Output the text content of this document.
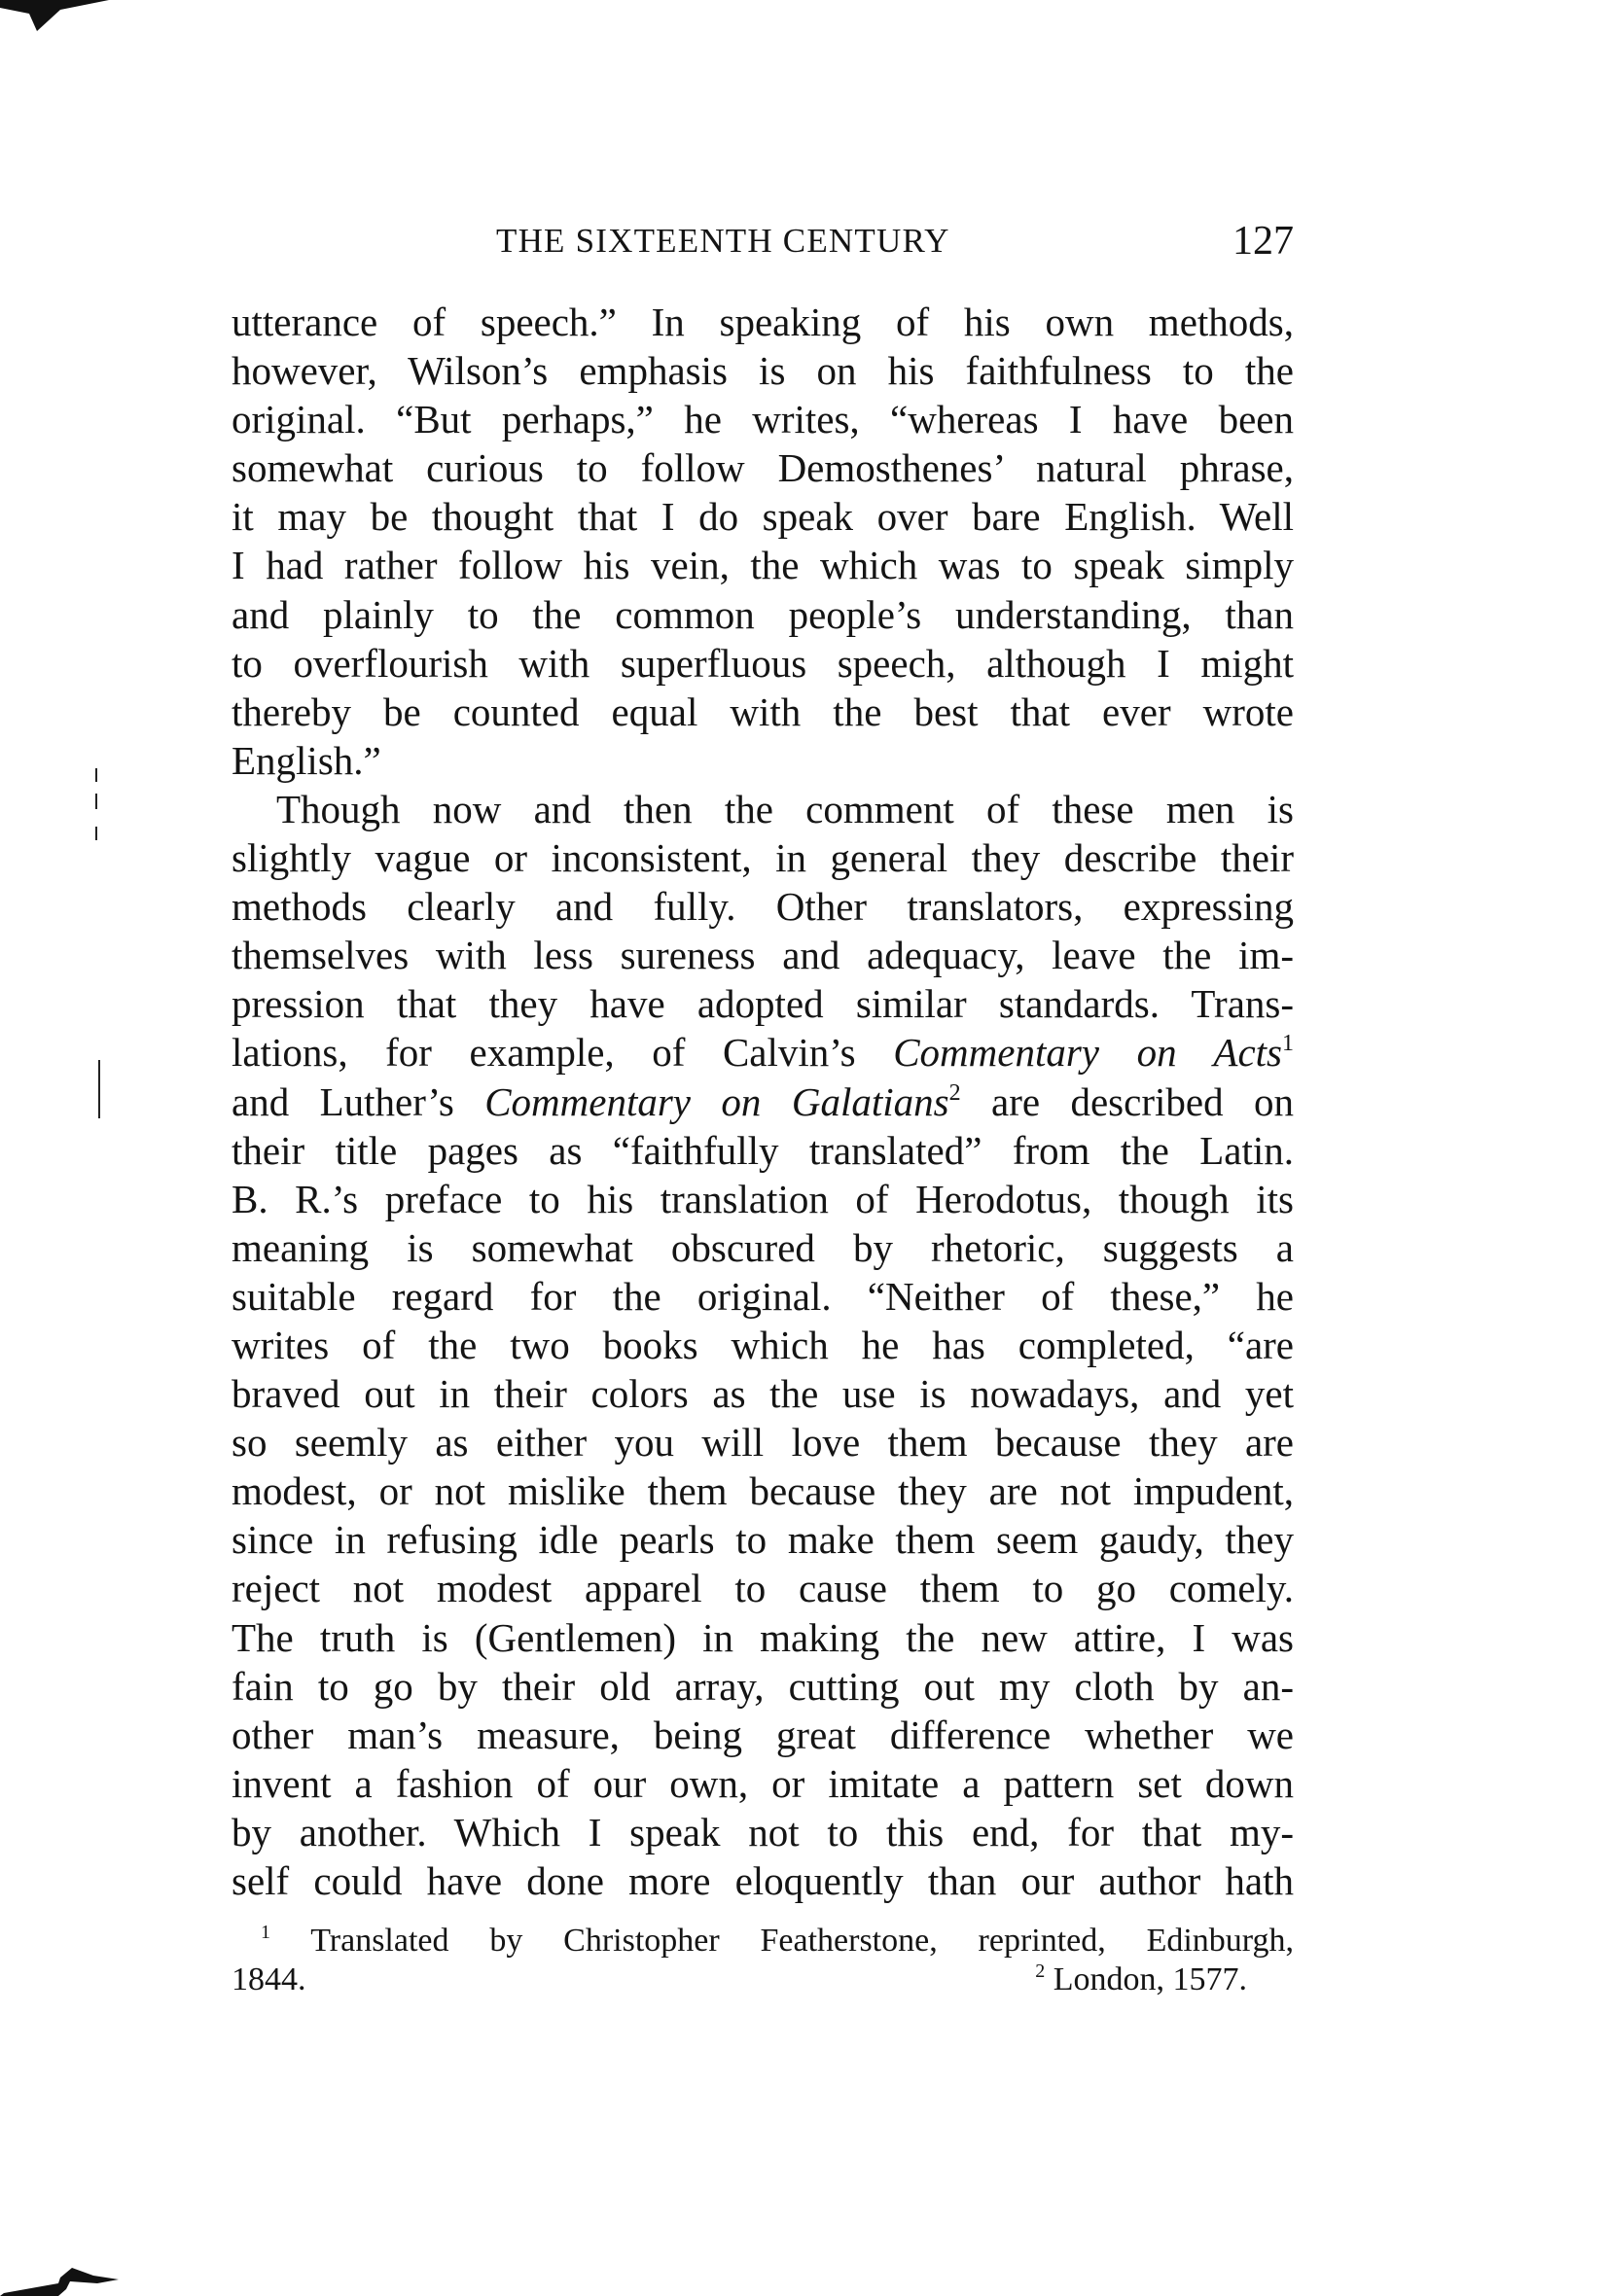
THE SIXTEENTH CENTURY	127
utterance of speech.” In speaking of his own methods,
however, Wilson’s emphasis is on his faithfulness to the
original. “But perhaps,” he writes, “whereas I have been
somewhat curious to follow Demosthenes’ natural phrase,
it may be thought that I do speak over bare English. Well
I had rather follow his vein, the which was to speak simply
and plainly to the common people’s understanding, than
to overflourish with superfluous speech, although I might
thereby be counted equal with the best that ever wrote
English.”
Though now and then the comment of these men is
slightly vague or inconsistent, in general they describe their
methods clearly and fully. Other translators, expressing
themselves with less sureness and adequacy, leave the im-
pression that they have adopted similar standards. Trans-
lations, for example, of Calvin’s Commentary on Acts$^1$
and Luther’s Commentary on Galatians$^2$ are described on
their title pages as “faithfully translated” from the Latin.
B. R.’s preface to his translation of Herodotus, though its
meaning is somewhat obscured by rhetoric, suggests a
suitable regard for the original. “Neither of these,” he
writes of the two books which he has completed, “are
braved out in their colors as the use is nowadays, and yet
so seemly as either you will love them because they are
modest, or not mislike them because they are not impudent,
since in refusing idle pearls to make them seem gaudy, they
reject not modest apparel to cause them to go comely.
The truth is (Gentlemen) in making the new attire, I was
fain to go by their old array, cutting out my cloth by an-
other man’s measure, being great difference whether we
invent a fashion of our own, or imitate a pattern set down
by another. Which I speak not to this end, for that my-
self could have done more eloquently than our author hath
$^1$ Translated by Christopher Featherstone, reprinted, Edinburgh,
1844.	$^2$ London, 1577.
